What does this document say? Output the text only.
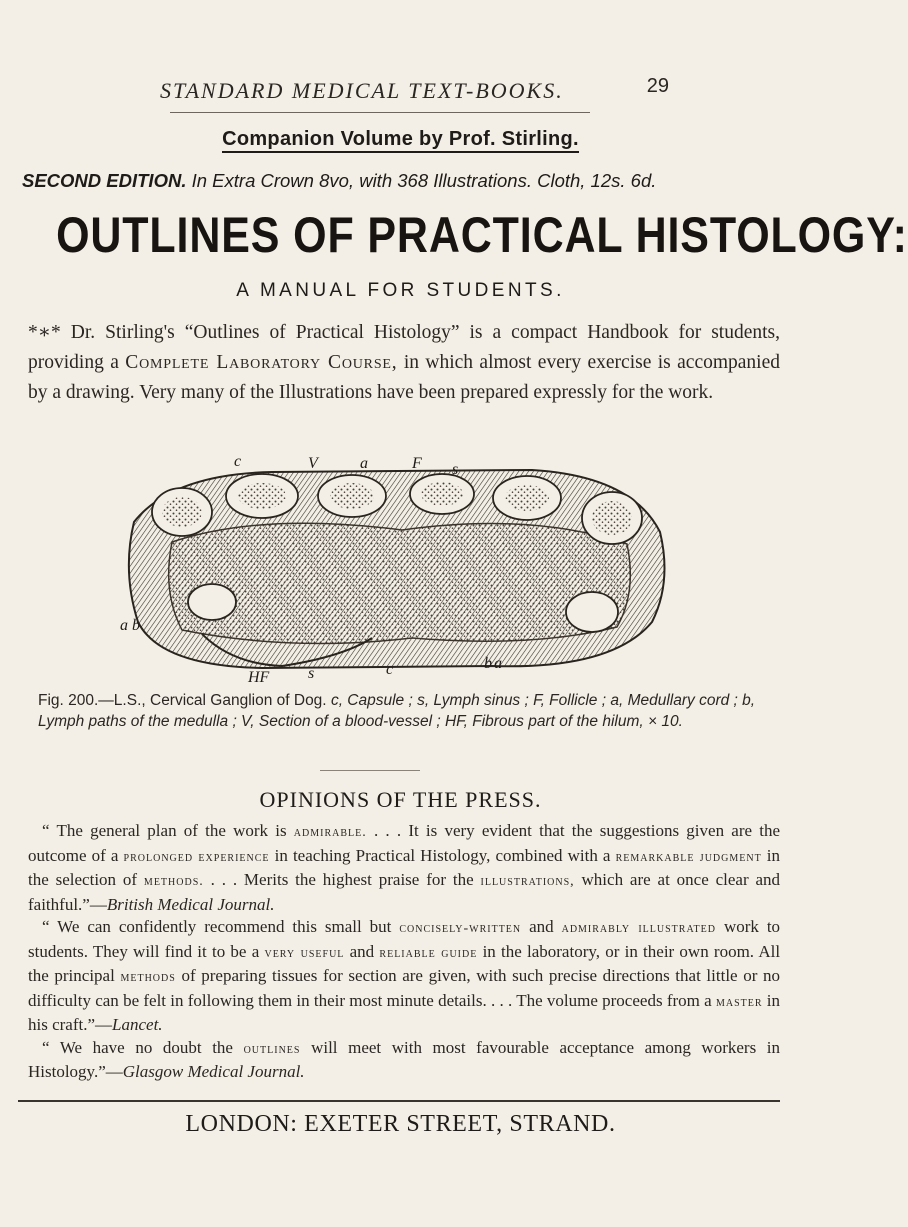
STANDARD MEDICAL TEXT-BOOKS.	29
Companion Volume by Prof. Stirling.
SECOND EDITION. In Extra Crown 8vo, with 368 Illustrations. Cloth, 12s. 6d.
OUTLINES OF PRACTICAL HISTOLOGY:
A MANUAL FOR STUDENTS.
*∗* Dr. Stirling's “Outlines of Practical Histology” is a compact Handbook for students, providing a Complete Laboratory Course, in which almost every exercise is accompanied by a drawing. Very many of the Illustrations have been prepared expressly for the work.
c	V	a	F s
a b
HF s	c	b a
Fig. 200.—L.S., Cervical Ganglion of Dog. c, Capsule ; s, Lymph sinus ; F, Follicle ; a, Medullary cord ; b, Lymph paths of the medulla ; V, Section of a blood-vessel ; HF, Fibrous part of the hilum, × 10.
OPINIONS OF THE PRESS.

“ The general plan of the work is admirable. . . . It is very evident that the suggestions given are the outcome of a prolonged experience in teaching Practical Histology, combined with a remarkable judgment in the selection of methods. . . . Merits the highest praise for the illustrations, which are at once clear and faithful.”—British Medical Journal.

“ We can confidently recommend this small but concisely-written and admirably illustrated work to students. They will find it to be a very useful and reliable guide in the laboratory, or in their own room. All the principal methods of preparing tissues for section are given, with such precise directions that little or no difficulty can be felt in following them in their most minute details. . . . The volume proceeds from a master in his craft.”—Lancet.

“ We have no doubt the outlines will meet with most favourable acceptance among workers in Histology.”—Glasgow Medical Journal.

LONDON: EXETER STREET, STRAND.
